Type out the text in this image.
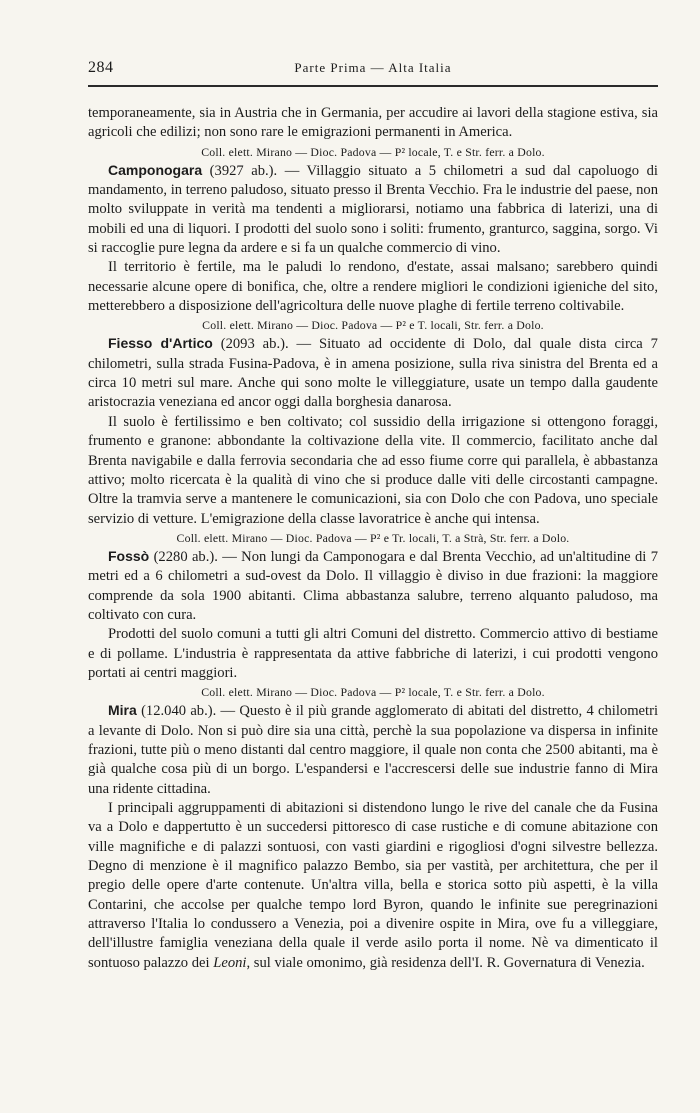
284	Parte Prima — Alta Italia

temporaneamente, sia in Austria che in Germania, per accudire ai lavori della stagione estiva, sia agricoli che edilizi; non sono rare le emigrazioni permanenti in America.

Coll. elett. Mirano — Dioc. Padova — P² locale, T. e Str. ferr. a Dolo.

Camponogara (3927 ab.). — Villaggio situato a 5 chilometri a sud dal capoluogo di mandamento, in terreno paludoso, situato presso il Brenta Vecchio. Fra le industrie del paese, non molto sviluppate in verità ma tendenti a migliorarsi, notiamo una fabbrica di laterizi, una di mobili ed una di liquori. I prodotti del suolo sono i soliti: frumento, granturco, saggina, sorgo. Vi si raccoglie pure legna da ardere e si fa un qualche commercio di vino.

Il territorio è fertile, ma le paludi lo rendono, d'estate, assai malsano; sarebbero quindi necessarie alcune opere di bonifica, che, oltre a rendere migliori le condizioni igieniche del sito, metterebbero a disposizione dell'agricoltura delle nuove plaghe di fertile terreno coltivabile.

Coll. elett. Mirano — Dioc. Padova — P² e T. locali, Str. ferr. a Dolo.

Fiesso d'Artico (2093 ab.). — Situato ad occidente di Dolo, dal quale dista circa 7 chilometri, sulla strada Fusina-Padova, è in amena posizione, sulla riva sinistra del Brenta ed a circa 10 metri sul mare. Anche qui sono molte le villeggiature, usate un tempo dalla gaudente aristocrazia veneziana ed ancor oggi dalla borghesia danarosa.

Il suolo è fertilissimo e ben coltivato; col sussidio della irrigazione si ottengono foraggi, frumento e granone: abbondante la coltivazione della vite. Il commercio, facilitato anche dal Brenta navigabile e dalla ferrovia secondaria che ad esso fiume corre qui parallela, è abbastanza attivo; molto ricercata è la qualità di vino che si produce dalle viti delle circostanti campagne. Oltre la tramvia serve a mantenere le comunicazioni, sia con Dolo che con Padova, uno speciale servizio di vetture. L'emigrazione della classe lavoratrice è anche qui intensa.

Coll. elett. Mirano — Dioc. Padova — P² e Tr. locali, T. a Strà, Str. ferr. a Dolo.

Fossò (2280 ab.). — Non lungi da Camponogara e dal Brenta Vecchio, ad un'altitudine di 7 metri ed a 6 chilometri a sud-ovest da Dolo. Il villaggio è diviso in due frazioni: la maggiore comprende da sola 1900 abitanti. Clima abbastanza salubre, terreno alquanto paludoso, ma coltivato con cura.

Prodotti del suolo comuni a tutti gli altri Comuni del distretto. Commercio attivo di bestiame e di pollame. L'industria è rappresentata da attive fabbriche di laterizi, i cui prodotti vengono portati ai centri maggiori.

Coll. elett. Mirano — Dioc. Padova — P² locale, T. e Str. ferr. a Dolo.

Mira (12.040 ab.). — Questo è il più grande agglomerato di abitati del distretto, 4 chilometri a levante di Dolo. Non si può dire sia una città, perchè la sua popolazione va dispersa in infinite frazioni, tutte più o meno distanti dal centro maggiore, il quale non conta che 2500 abitanti, ma è già qualche cosa più di un borgo. L'espandersi e l'accrescersi delle sue industrie fanno di Mira una ridente cittadina.

I principali aggruppamenti di abitazioni si distendono lungo le rive del canale che da Fusina va a Dolo e dappertutto è un succedersi pittoresco di case rustiche e di comune abitazione con ville magnifiche e di palazzi sontuosi, con vasti giardini e rigogliosi d'ogni silvestre bellezza. Degno di menzione è il magnifico palazzo Bembo, sia per vastità, per architettura, che per il pregio delle opere d'arte contenute. Un'altra villa, bella e storica sotto più aspetti, è la villa Contarini, che accolse per qualche tempo lord Byron, quando le infinite sue peregrinazioni attraverso l'Italia lo condussero a Venezia, poi a divenire ospite in Mira, ove fu a villeggiare, dell'illustre famiglia veneziana della quale il verde asilo porta il nome. Nè va dimenticato il sontuoso palazzo dei Leoni, sul viale omonimo, già residenza dell'I. R. Governatura di Venezia.
